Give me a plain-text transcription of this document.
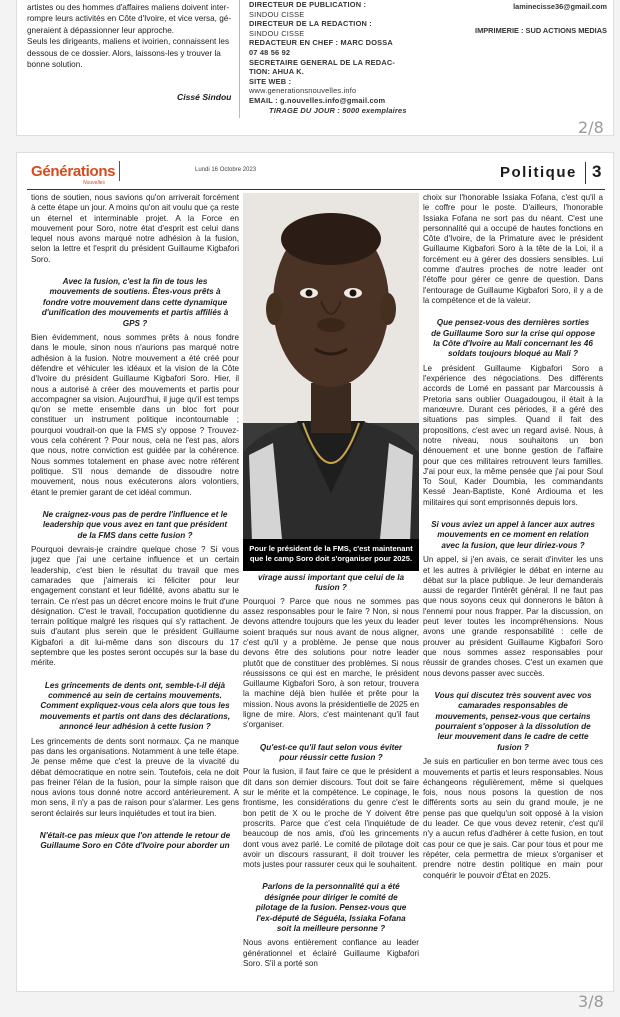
artistes ou des hommes d'affaires maliens doivent inter-
rompre leurs activités en Côte d'Ivoire, et vice versa, gé-
gneraient à dépassionner leur approche.
Seuls les dirigeants, maliens et ivoirien, connaissent les
dessous de ce dossier. Alors, laissons-les y trouver la
bonne solution.
Cissé Sindou
DIRECTEUR DE PUBLICATION :
SINDOU CISSE
DIRECTEUR DE LA REDACTION :
SINDOU CISSE
REDACTEUR EN CHEF : MARC DOSSA
07 48 56 92
SECRETAIRE GENERAL DE LA REDAC-
TION: AHUA K.
SITE WEB :
www.generationsnouvelles.info
EMAIL : g.nouvelles.info@gmail.com
TIRAGE DU JOUR : 5000 exemplaires
laminecisse36@gmail.com
IMPRIMERIE : SUD ACTIONS MEDIAS
2/8
Générations
Nouvelles
Lundi 16 Octobre 2023	Politique 3

tions de soutien, nous savions qu'on arriverait forcément à cette étape un jour. A moins qu'on ait voulu que ça reste un éternel et interminable projet. A la Force en mouvement pour Soro, notre état d'esprit est celui dans lequel nous avons marqué notre adhésion à la fusion, selon la lettre et l'esprit du président Guillaume Kigbafori Soro.

Avec la fusion, c'est la fin de tous les mouvements de soutiens. Êtes-vous prêts à fondre votre mouvement dans cette dynamique d'unification des mouvements et partis affiliés à GPS ?

Bien évidemment, nous sommes prêts à nous fondre dans le moule, sinon nous n'aurions pas marqué notre adhésion à la fusion. Notre mouvement a été créé pour défendre et véhiculer les idéaux et la vision de la Côte d'Ivoire du président Guillaume Kigbafori Soro. Hier, il nous a autorisé à créer des mouvements et partis pour accompagner sa vision. Aujourd'hui, il juge qu'il est temps qu'on se mette ensemble dans un bloc fort pour constituer un instrument politique incontournable ; pourquoi voudrait-on que la FMS s'y oppose ? Trouvez-vous cela cohérent ? Pour nous, cela ne l'est pas, alors que nous, notre conviction est guidée par la cohérence. Nous sommes totalement en phase avec notre référent politique. S'il nous demande de dissoudre notre mouvement, nous nous exécuterons alors volontiers, étant le premier garant de cet idéal commun.

Ne craignez-vous pas de perdre l'influence et le leadership que vous avez en tant que président de la FMS dans cette fusion ?

Pourquoi devrais-je craindre quelque chose ? Si vous jugez que j'ai une certaine influence et un certain leadership, c'est bien le résultat du travail que mes camarades que j'aimerais ici féliciter pour leur engagement constant et leur fidélité, avons abattu sur le terrain. Ce n'est pas un décret encore moins le fruit d'une désignation. C'est le travail, l'occupation quotidienne du terrain politique malgré les risques qui s'y rattachent. Je suis d'autant plus serein que le président Guillaume Kigbafori a dit lui-même dans son discours du 17 septembre que les postes seront occupés sur la base du mérite.

Les grincements de dents ont, semble-t-il déjà commencé au sein de certains mouvements. Comment expliquez-vous cela alors que tous les mouvements et partis ont dans des déclarations, annoncé leur adhésion à cette fusion ?

Les grincements de dents sont normaux. Ça ne manque pas dans les organisations. Notamment à une telle étape. Je pense même que c'est la preuve de la vivacité du débat démocratique en notre sein. Toutefois, cela ne doit pas freiner l'élan de la fusion, pour la simple raison que nous avions tous donné notre accord antérieurement. A mon sens, il n'y a pas de raison pour s'alarmer. Les gens seront éclairés sur leurs inquiétudes et tout ira bien.

N'était-ce pas mieux que l'on attende le retour de Guillaume Soro en Côte d'Ivoire pour aborder un

Pour le président de la FMS, c'est maintenant que le camp Soro doit s'organiser pour 2025.

virage aussi important que celui de la fusion ?

Pourquoi ? Parce que nous ne sommes pas assez responsables pour le faire ? Non, si nous devons attendre toujours que les yeux du leader soient braqués sur nous avant de nous aligner, c'est qu'il y a problème. Je pense que nous devons être des solutions pour notre leader plutôt que de constituer des problèmes. Si nous réussissons ce qui est en marche, le président Guillaume Kigbafori Soro, à son retour, trouvera la machine déjà bien huilée et prête pour la mission. Nous avons la présidentielle de 2025 en ligne de mire. Alors, c'est maintenant qu'il faut s'organiser.

Qu'est-ce qu'il faut selon vous éviter pour réussir cette fusion ?

Pour la fusion, il faut faire ce que le président a dit dans son dernier discours. Tout doit se faire sur le mérite et la compétence. Le copinage, le frontisme, les considérations du genre c'est le bon petit de X ou le proche de Y doivent être proscrits. Parce que c'est cela l'inquiétude de beaucoup de nos amis, d'où les grincements dont vous avez parlé. Le comité de pilotage doit avoir un discours rassurant, il doit trouver les mots justes pour rassurer ceux qui le souhaitent.

Parlons de la personnalité qui a été désignée pour diriger le comité de pilotage de la fusion. Pensez-vous que l'ex-député de Séguéla, Issiaka Fofana soit la meilleure personne ?

Nous avons entièrement confiance au leader générationnel et éclairé Guillaume Kigbafori Soro. S'il a porté son

choix sur l'honorable Issiaka Fofana, c'est qu'il a le coffre pour le poste. D'ailleurs, l'honorable Issiaka Fofana ne sort pas du néant. C'est une personnalité qui a occupé de hautes fonctions en Côte d'Ivoire, de la Primature avec le président Guillaume Kigbafori Soro à la tête de la Loi, il a forcément eu à gérer des dossiers sensibles. Lui comme d'autres proches de notre leader ont l'étoffe pour gérer ce genre de question. Dans l'entourage de Guillaume Kigbafori Soro, il y a de la compétence et de la valeur.

Que pensez-vous des dernières sorties de Guillaume Soro sur la crise qui oppose la Côte d'Ivoire au Mali concernant les 46 soldats toujours bloqué au Mali ?

Le président Guillaume Kigbafori Soro a l'expérience des négociations. Des différents accords de Lomé en passant par Marcoussis à Pretoria sans oublier Ouagadougou, il était à la manœuvre. Durant ces périodes, il a géré des situations pas simples. Quand il fait des propositions, c'est avec un regard avisé. Nous, à notre niveau, nous souhaitons un bon dénouement et une bonne gestion de l'affaire pour que ces militaires retrouvent leurs familles. J'ai pour eux, la même pensée que j'ai pour Soul To Soul, Kader Doumbia, les commandants Kessé Jean-Baptiste, Koné Ardiouma et les militaires qui sont emprisonnés depuis lors.

Si vous aviez un appel à lancer aux autres mouvements en ce moment en relation avec la fusion, que leur diriez-vous ?

Un appel, si j'en avais, ce serait d'inviter les uns et les autres à privilégier le débat en interne au débat sur la place publique. Je leur demanderais aussi de regarder l'intérêt général. Il ne faut pas que nous soyons ceux qui donnerons le bâton à l'ennemi pour nous frapper. Par la discussion, on peut lever toutes les incompréhensions. Nous avons une grande responsabilité : celle de prouver au président Guillaume Kigbafori Soro que nous sommes assez responsables pour réussir de grandes choses. C'est un examen que nous devons passer avec succès.

Vous qui discutez très souvent avec vos camarades responsables de mouvements, pensez-vous que certains pourraient s'opposer à la dissolution de leur mouvement dans le cadre de cette fusion ?

Je suis en particulier en bon terme avec tous ces mouvements et partis et leurs responsables. Nous échangeons régulièrement, même si quelques fois, nous nous posons la question de nos différents sorts au sein du grand moule, je ne pense pas que quelqu'un soit opposé à la vision du leader. Ce que vous devez retenir, c'est qu'il n'y a aucun refus d'adhérer à cette fusion, en tout cas pour ce que je sais. Car pour tous et pour me répéter, cela permettra de mieux s'organiser et prendre notre destin politique en main pour conquérir le pouvoir d'État en 2025.

3/8
